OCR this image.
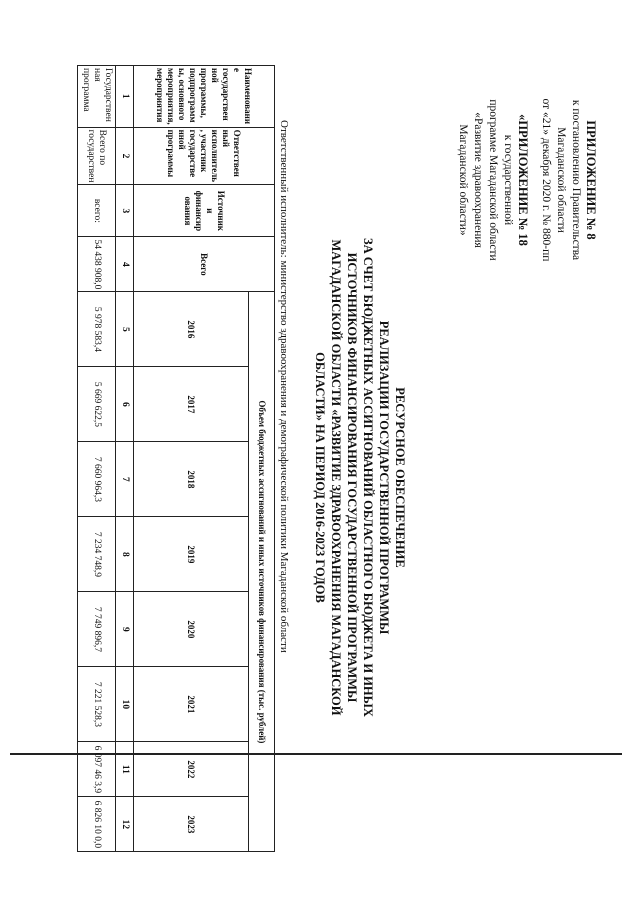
ПРИЛОЖЕНИЕ № 8

к постановлению Правительства

Магаданской области

от «21» декабря 2020 г. № 880-пп

«ПРИЛОЖЕНИЕ № 18

к государственной

программе Магаданской области

«Развитие здравоохранения

Магаданской области»

РЕСУРСНОЕ ОБЕСПЕЧЕНИЕ

РЕАЛИЗАЦИИ ГОСУДАРСТВЕННОЙ ПРОГРАММЫ

ЗА СЧЕТ БЮДЖЕТНЫХ АССИГНОВАНИЙ ОБЛАСТНОГО БЮДЖЕТА И ИНЫХ

ИСТОЧНИКОВ ФИНАНСИРОВАНИЯ ГОСУДАРСТВЕННОЙ ПРОГРАММЫ

МАГАДАНСКОЙ ОБЛАСТИ «РАЗВИТИЕ ЗДРАВООХРАНЕНИЯ МАГАДАНСКОЙ

ОБЛАСТИ» НА ПЕРИОД 2016-2023 ГОДОВ

Ответственный исполнитель: министерство здравоохранения и демографической политики Магаданской области
Наименовани е государствен ной программы, подпрограмм ы, основного мероприятия, мероприятия	Ответствен ный исполнитель , участник государстве нной программы	Источник и финансир ования	Всего	Объем бюджетных ассигнований и иных источников финансирования (тыс. рублей)							
				2016	2017	2018	2019	2020	2021	2022	2023
1	2	3	4	5	6	7	8	9	10	11	12
Государствен ная программа	Всего по государствен	всего:	54 438 908,0	5 978 583,4	5 669 622,5	7 660 964,3	7 234 748,9	7 749 896,7	7 221 528,3	6 097 46 3,9	6 826 10 0,0
